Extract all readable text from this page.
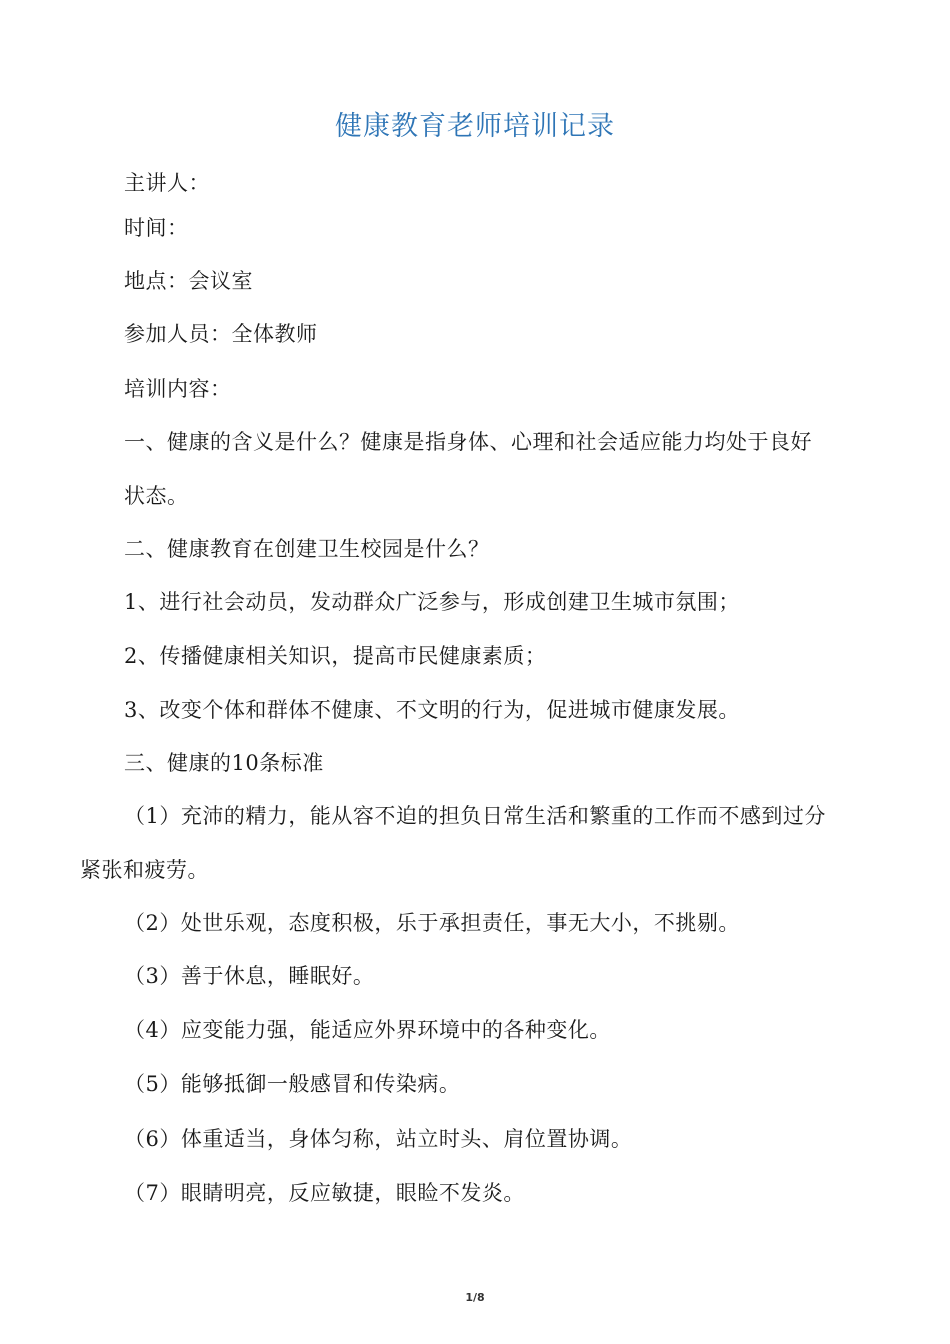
健康教育老师培训记录
主讲人：
时间：
地点：会议室
参加人员：全体教师
培训内容：
一、健康的含义是什么？健康是指身体、心理和社会适应能力均处于良好
状态。
二、健康教育在创建卫生校园是什么？
1、进行社会动员，发动群众广泛参与，形成创建卫生城市氛围；
2、传播健康相关知识，提高市民健康素质；
3、改变个体和群体不健康、不文明的行为，促进城市健康发展。
三、健康的10条标准
（1）充沛的精力，能从容不迫的担负日常生活和繁重的工作而不感到过分
紧张和疲劳。
（2）处世乐观，态度积极，乐于承担责任，事无大小，不挑剔。
（3）善于休息，睡眠好。
（4）应变能力强，能适应外界环境中的各种变化。
（5）能够抵御一般感冒和传染病。
（6）体重适当，身体匀称，站立时头、肩位置协调。
（7）眼睛明亮，反应敏捷，眼睑不发炎。
1/8
